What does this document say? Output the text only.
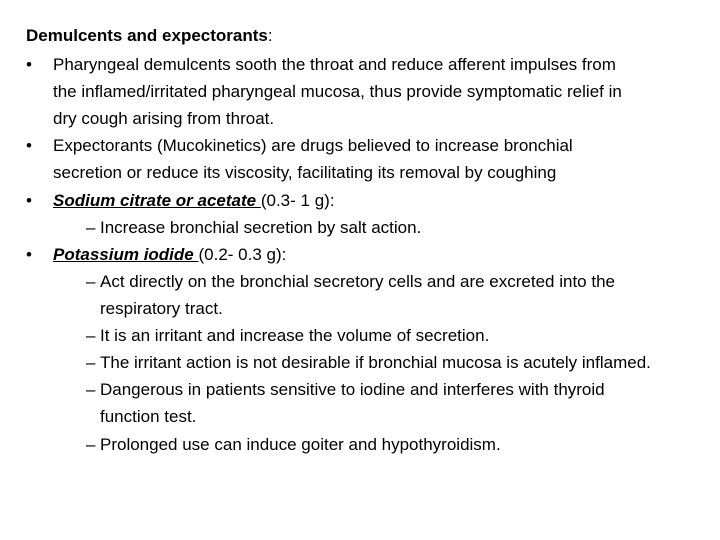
Demulcents and expectorants:
•	Pharyngeal demulcents sooth the throat and reduce afferent impulses from
the inflamed/irritated pharyngeal mucosa, thus provide symptomatic relief in
dry cough arising from throat.
•	Expectorants (Mucokinetics) are drugs believed to increase bronchial
secretion or reduce its viscosity, facilitating its removal by coughing
•	Sodium citrate or acetate (0.3- 1 g):
– Increase bronchial secretion by salt action.
•	Potassium iodide (0.2- 0.3 g):
– Act directly on the bronchial secretory cells and are excreted into the
respiratory tract.
– It is an irritant and increase the volume of secretion.
– The irritant action is not desirable if bronchial mucosa is acutely inflamed.
– Dangerous in patients sensitive to iodine and interferes with thyroid
function test.
– Prolonged use can induce goiter and hypothyroidism.
